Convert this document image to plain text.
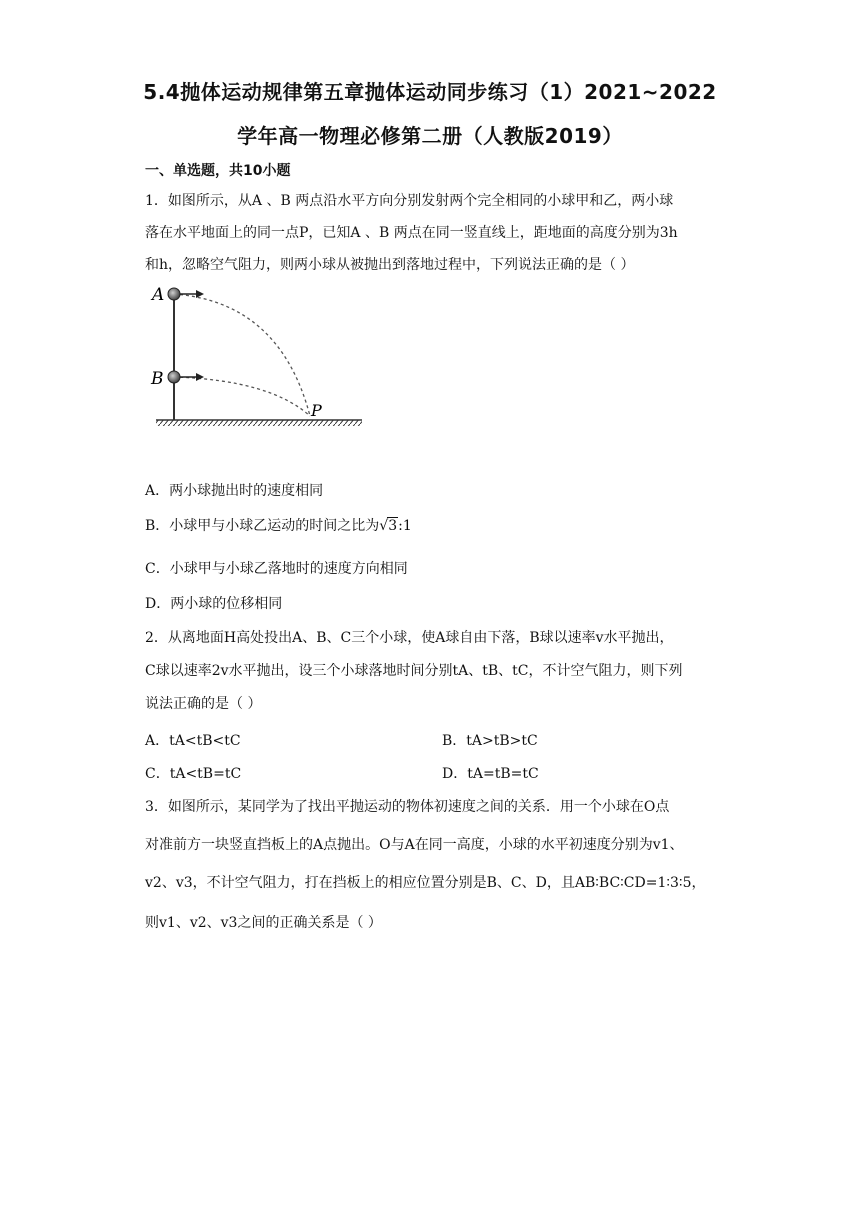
5.4抛体运动规律第五章抛体运动同步练习（1）2021~2022
学年高一物理必修第二册（人教版2019）
一、单选题，共10小题
1．如图所示，从A 、B 两点沿水平方向分别发射两个完全相同的小球甲和乙，两小球
落在水平地面上的同一点P，已知A 、B 两点在同一竖直线上，距地面的高度分别为3h
和h，忽略空气阻力，则两小球从被抛出到落地过程中，下列说法正确的是（ ）
A
B
P
A．两小球抛出时的速度相同
B．小球甲与小球乙运动的时间之比为√3:1
C．小球甲与小球乙落地时的速度方向相同
D．两小球的位移相同
2．从离地面H高处投出A、B、C三个小球，使A球自由下落，B球以速率v水平抛出，
C球以速率2v水平抛出，设三个小球落地时间分别tA、tB、tC，不计空气阻力，则下列
说法正确的是（ ）
A．tA<tB<tC	B．tA>tB>tC
C．tA<tB=tC	D．tA=tB=tC
3．如图所示，某同学为了找出平抛运动的物体初速度之间的关系．用一个小球在O点
对准前方一块竖直挡板上的A点抛出。O与A在同一高度，小球的水平初速度分别为v1、
v2、v3，不计空气阻力，打在挡板上的相应位置分别是B、C、D，且AB∶BC∶CD=1∶3∶5，
则v1、v2、v3之间的正确关系是（ ）
